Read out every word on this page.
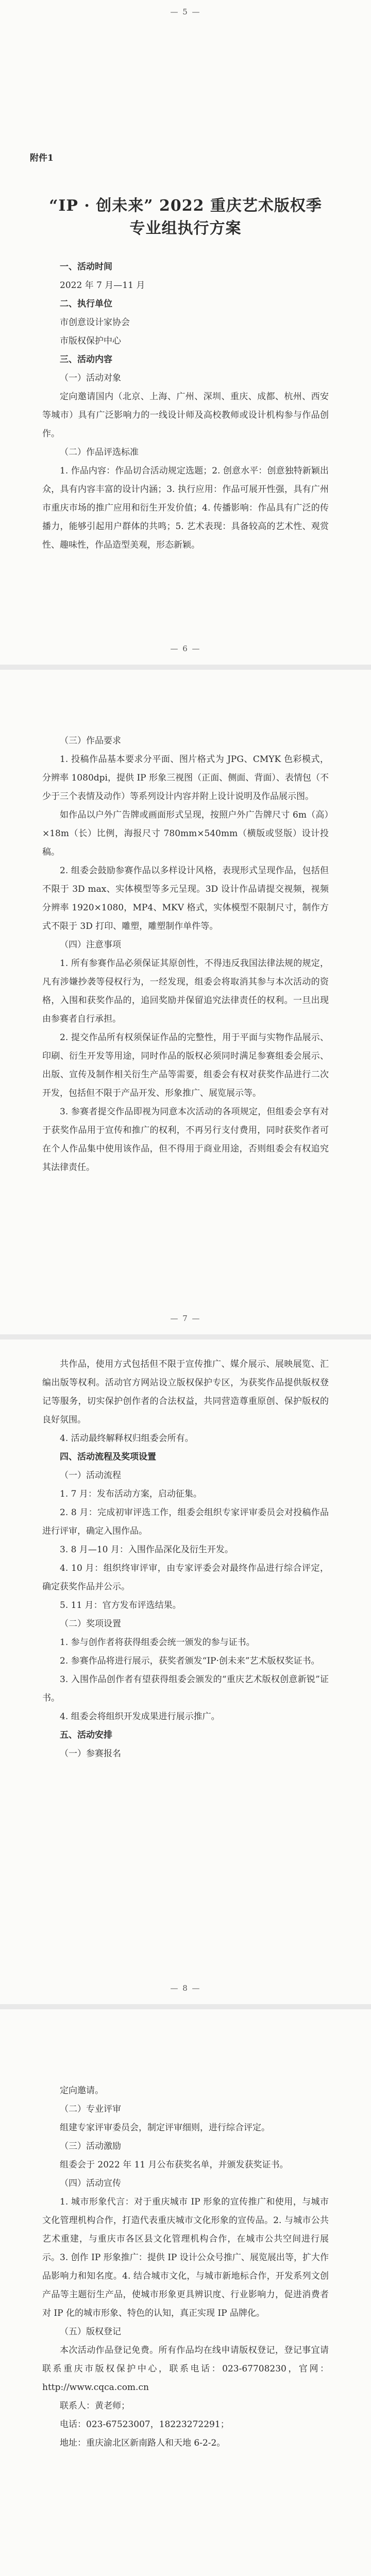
— 5 —
附件1
“IP · 创未来” 2022 重庆艺术版权季
专业组执行方案

一、活动时间

2022 年 7 月—11 月

二、执行单位

市创意设计家协会

市版权保护中心

三、活动内容

（一）活动对象

定向邀请国内（北京、上海、广州、深圳、重庆、成都、杭州、西安等城市）具有广泛影响力的一线设计师及高校教师或设计机构参与作品创作。

（二）作品评选标准

1. 作品内容：作品切合活动规定选题；2. 创意水平：创意独特新颖出众，具有内容丰富的设计内涵；3. 执行应用：作品可展开性强，具有广州市重庆市场的推广应用和衍生开发价值；4. 传播影响：作品具有广泛的传播力，能够引起用户群体的共鸣；5. 艺术表现：具备较高的艺术性、观赏性、趣味性，作品造型美观，形态新颖。

— 6 —

（三）作品要求

1. 投稿作品基本要求分平面、图片格式为 JPG、CMYK 色彩模式，分辨率 1080dpi，提供 IP 形象三视图（正面、侧面、背面）、表情包（不少于三个表情及动作）等系列设计内容并附上设计说明及作品展示图。

如作品以户外广告牌或画面形式呈现，按照户外广告牌尺寸 6m（高）×18m（长）比例，海报尺寸 780mm×540mm（横版或竖版）设计投稿。

2. 组委会鼓励参赛作品以多样设计风格，表现形式呈现作品，包括但不限于 3D max、实体模型等多元呈现。3D 设计作品请提交视频，视频分辨率 1920×1080，MP4、MKV 格式，实体模型不限制尺寸，制作方式不限于 3D 打印、雕塑，雕塑制作单件等。

（四）注意事项

1. 所有参赛作品必须保证其原创性，不得违反我国法律法规的规定，凡有涉嫌抄袭等侵权行为，一经发现，组委会将取消其参与本次活动的资格，入围和获奖作品的，追回奖励并保留追究法律责任的权利。一旦出现由参赛者自行承担。

2. 提交作品所有权须保证作品的完整性，用于平面与实物作品展示、印刷、衍生开发等用途，同时作品的版权必须同时满足参赛组委会展示、出版、宣传及制作相关衍生产品等需要，组委会有权对获奖作品进行二次开发，包括但不限于产品开发、形象推广、展览展示等。

3. 参赛者提交作品即视为同意本次活动的各项规定，但组委会享有对于获奖作品用于宣传和推广的权利，不再另行支付费用，同时获奖作者可在个人作品集中使用该作品，但不得用于商业用途，否则组委会有权追究其法律责任。

— 7 —

共作品，使用方式包括但不限于宣传推广、媒介展示、展映展览、汇编出版等权利。活动官方网站设立版权保护专区，为获奖作品提供版权登记等服务，切实保护创作者的合法权益，共同营造尊重原创、保护版权的良好氛围。

4. 活动最终解释权归组委会所有。

四、活动流程及奖项设置

（一）活动流程

1. 7 月：发布活动方案，启动征集。

2. 8 月：完成初审评选工作，组委会组织专家评审委员会对投稿作品进行评审，确定入围作品。

3. 8 月—10 月：入围作品深化及衍生开发。

4. 10 月：组织终审评审，由专家评委会对最终作品进行综合评定，确定获奖作品并公示。

5. 11 月：官方发布评选结果。

（二）奖项设置

1. 参与创作者将获得组委会统一颁发的参与证书。

2. 参赛作品将进行展示，获奖者颁发“IP·创未来”艺术版权奖证书。

3. 入围作品创作者有望获得组委会颁发的“重庆艺术版权创意新锐”证书。

4. 组委会将组织开发成果进行展示推广。

五、活动安排

（一）参赛报名

— 8 —

定向邀请。

（二）专业评审

组建专家评审委员会，制定评审细则，进行综合评定。

（三）活动激励

组委会于 2022 年 11 月公布获奖名单，并颁发获奖证书。

（四）活动宣传

1. 城市形象代言：对于重庆城市 IP 形象的宣传推广和使用，与城市文化管理机构合作，打造代表重庆城市文化形象的宣传品。2. 与城市公共艺术重建，与重庆市各区县文化管理机构合作，在城市公共空间进行展示。3. 创作 IP 形象推广：提供 IP 设计公众号推广、展览展出等，扩大作品影响力和知名度。4. 结合城市文化，与城市新地标合作，开发系列文创产品等主题衍生产品，使城市形象更具辨识度、行业影响力，促进消费者对 IP 化的城市形象、特色的认知，真正实现 IP 品牌化。

（五）版权登记

本次活动作品登记免费。所有作品均在线申请版权登记，登记事宜请联系重庆市版权保护中心，联系电话：023-67708230，官网：http://www.cqca.com.cn

联系人：黄老师；

电话：023-67523007，18223272291；

地址：重庆渝北区新南路人和天地 6-2-2。
